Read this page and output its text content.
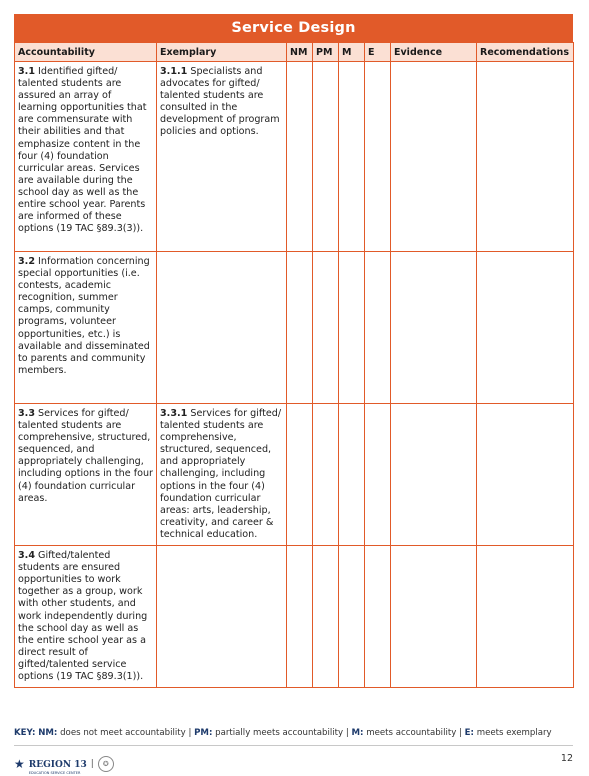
Service Design
Accountability	Exemplary	NM	PM	M	E	Evidence	Recomendations
3.1 Identified gifted/ talented students are assured an array of learning opportunities that are commensurate with their abilities and that emphasize content in the four (4) foundation curricular areas. Services are available during the school day as well as the entire school year. Parents are informed of these options (19 TAC §89.3(3)).	3.1.1 Specialists and advocates for gifted/ talented students are consulted in the development of program policies and options.						
3.2 Information concerning special opportunities (i.e. contests, academic recognition, summer camps, community programs, volunteer opportunities, etc.) is available and disseminated to parents and community members.							
3.3 Services for gifted/ talented students are comprehensive, structured, sequenced, and appropriately challenging, including options in the four (4) foundation curricular areas.	3.3.1 Services for gifted/ talented students are comprehensive, structured, sequenced, and appropriately challenging, including options in the four (4) foundation curricular areas: arts, leadership, creativity, and career & technical education.						
3.4 Gifted/talented students are ensured opportunities to work together as a group, work with other students, and work independently during the school day as well as the entire school year as a direct result of gifted/talented service options (19 TAC §89.3(1)).							
KEY: NM: does not meet accountability | PM: partially meets accountability | M: meets accountability | E: meets exemplary
★ REGION 13
EDUCATION SERVICE CENTER
|	✪	12
